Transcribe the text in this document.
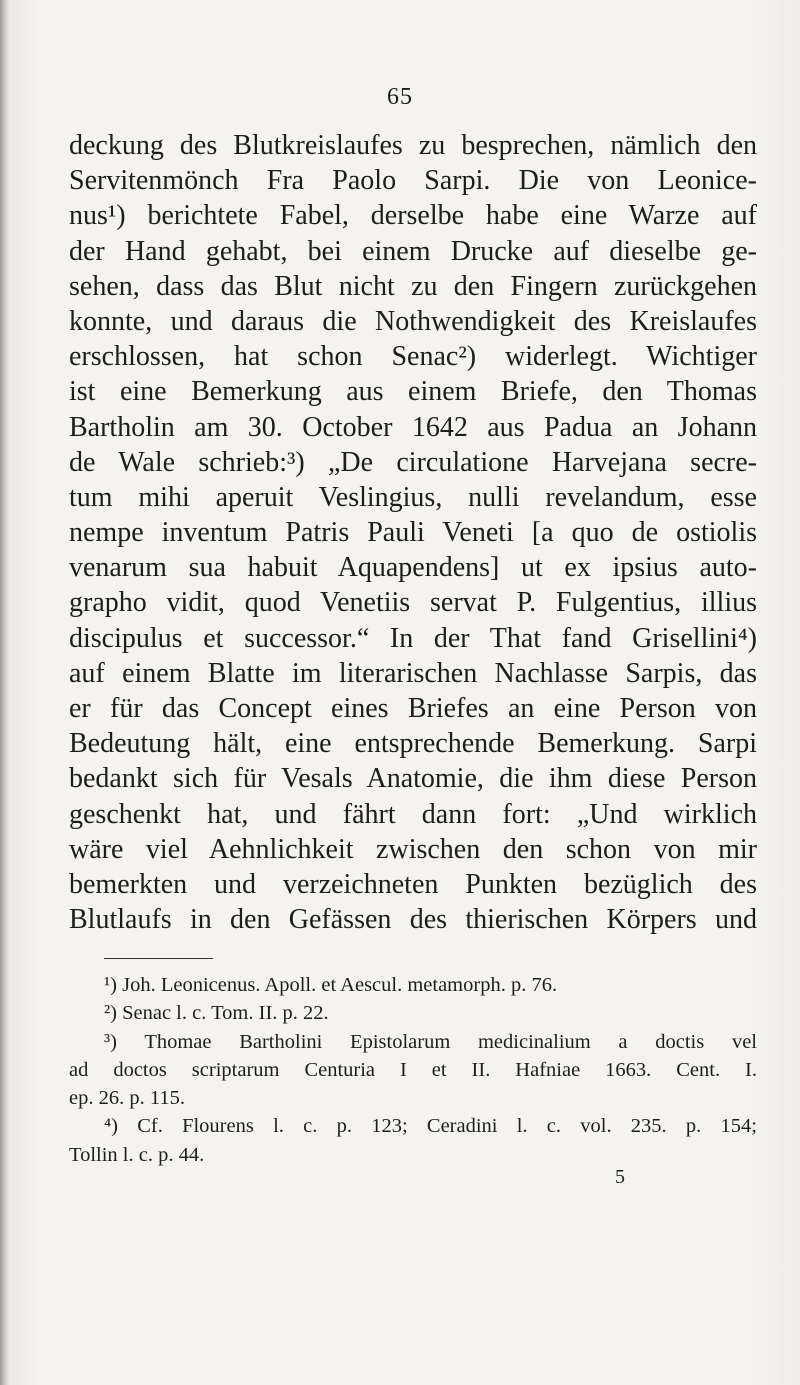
65
deckung des Blutkreislaufes zu besprechen, nämlich den
Servitenmönch Fra Paolo Sarpi. Die von Leonice-
nus¹) berichtete Fabel, derselbe habe eine Warze auf
der Hand gehabt, bei einem Drucke auf dieselbe ge-
sehen, dass das Blut nicht zu den Fingern zurückgehen
konnte, und daraus die Nothwendigkeit des Kreislaufes
erschlossen, hat schon Senac²) widerlegt. Wichtiger
ist eine Bemerkung aus einem Briefe, den Thomas
Bartholin am 30. October 1642 aus Padua an Johann
de Wale schrieb:³) „De circulatione Harvejana secre-
tum mihi aperuit Veslingius, nulli revelandum, esse
nempe inventum Patris Pauli Veneti [a quo de ostiolis
venarum sua habuit Aquapendens] ut ex ipsius auto-
grapho vidit, quod Venetiis servat P. Fulgentius, illius
discipulus et successor.“ In der That fand Grisellini⁴)
auf einem Blatte im literarischen Nachlasse Sarpis, das
er für das Concept eines Briefes an eine Person von
Bedeutung hält, eine entsprechende Bemerkung. Sarpi
bedankt sich für Vesals Anatomie, die ihm diese Person
geschenkt hat, und fährt dann fort: „Und wirklich
wäre viel Aehnlichkeit zwischen den schon von mir
bemerkten und verzeichneten Punkten bezüglich des
Blutlaufs in den Gefässen des thierischen Körpers und
¹) Joh. Leonicenus. Apoll. et Aescul. metamorph. p. 76.
²) Senac l. c. Tom. II. p. 22.
³) Thomae Bartholini Epistolarum medicinalium a doctis vel
ad doctos scriptarum Centuria I et II. Hafniae 1663. Cent. I.
ep. 26. p. 115.
⁴) Cf. Flourens l. c. p. 123; Ceradini l. c. vol. 235. p. 154;
Tollin l. c. p. 44.
5
